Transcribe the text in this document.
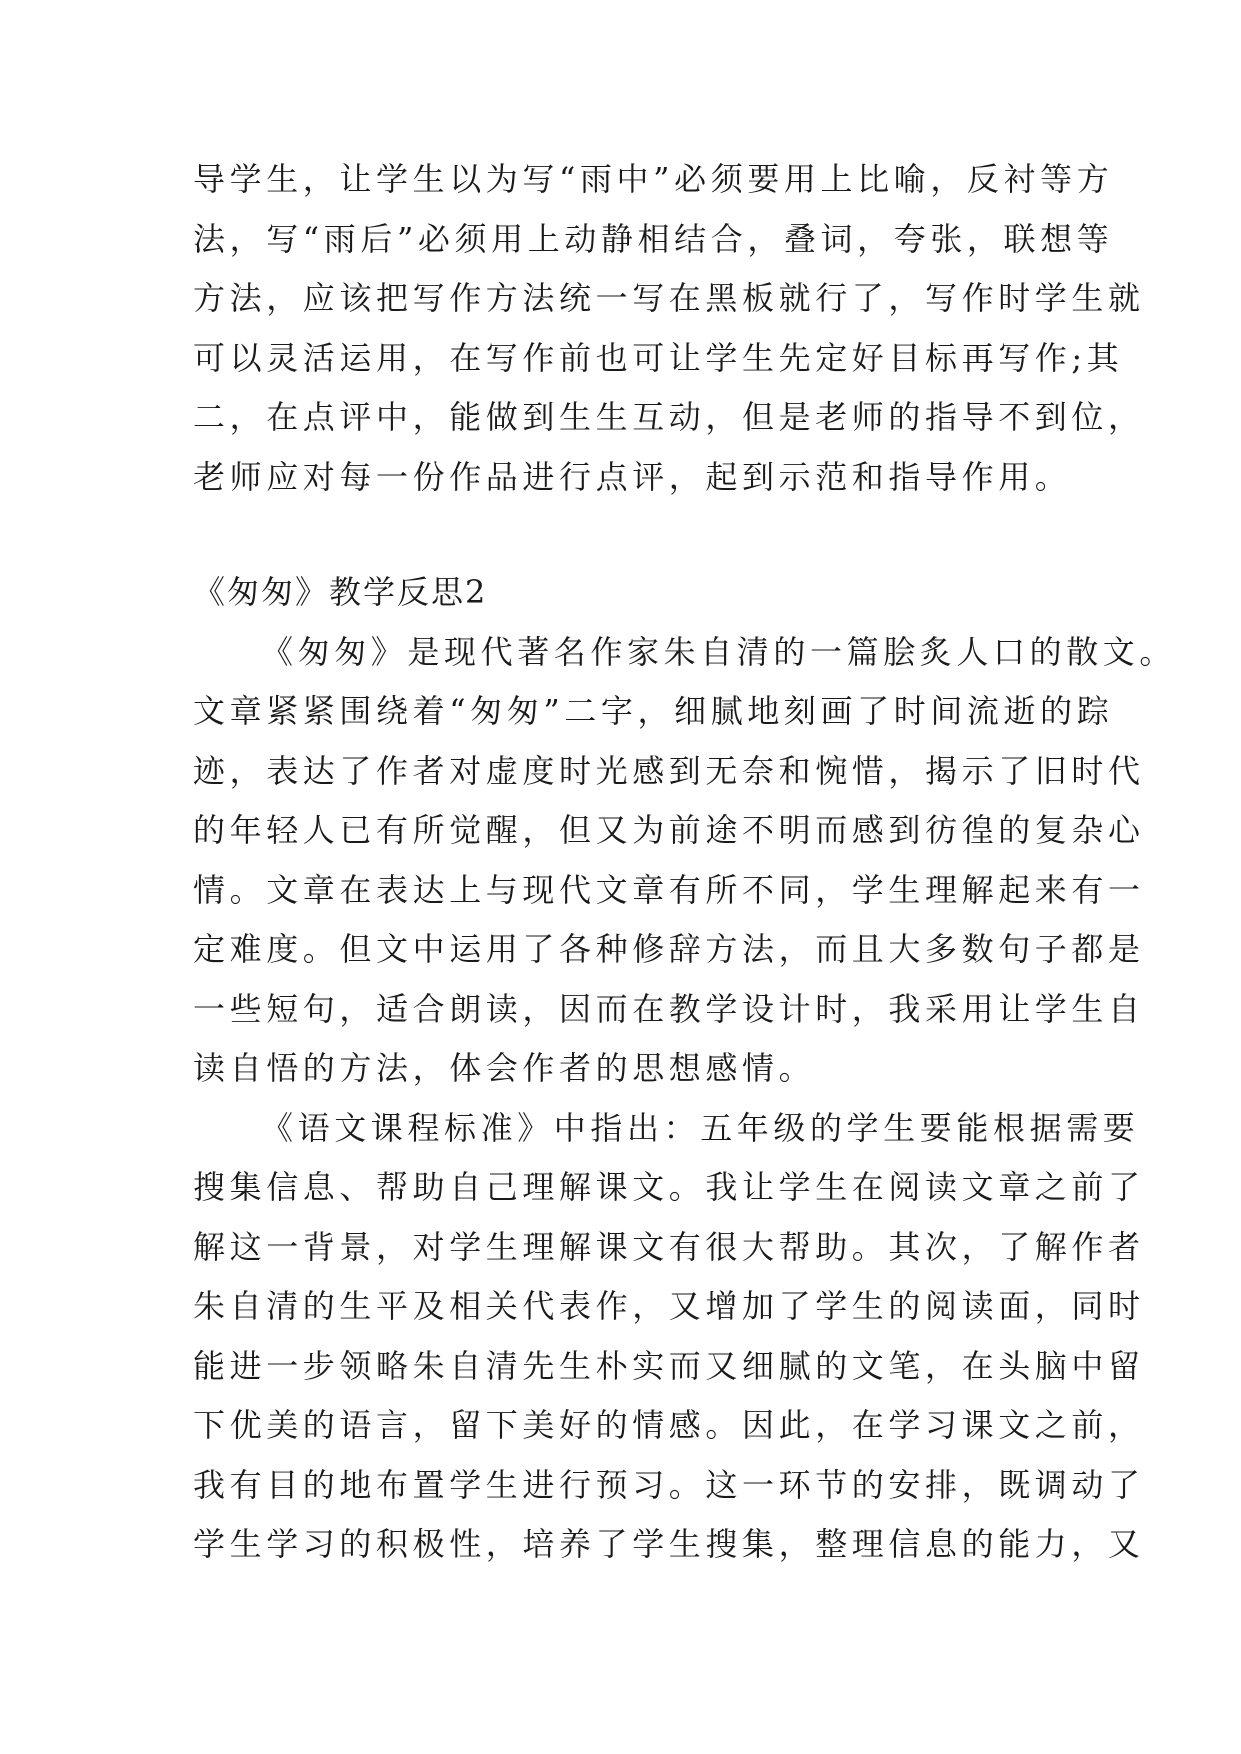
导学生，让学生以为写“雨中”必须要用上比喻，反衬等方
法，写“雨后”必须用上动静相结合，叠词，夸张，联想等
方法，应该把写作方法统一写在黑板就行了，写作时学生就
可以灵活运用，在写作前也可让学生先定好目标再写作;其
二，在点评中，能做到生生互动，但是老师的指导不到位，
老师应对每一份作品进行点评，起到示范和指导作用。
《匆匆》教学反思2
《匆匆》是现代著名作家朱自清的一篇脍炙人口的散文。
文章紧紧围绕着“匆匆”二字，细腻地刻画了时间流逝的踪
迹，表达了作者对虚度时光感到无奈和惋惜，揭示了旧时代
的年轻人已有所觉醒，但又为前途不明而感到彷徨的复杂心
情。文章在表达上与现代文章有所不同，学生理解起来有一
定难度。但文中运用了各种修辞方法，而且大多数句子都是
一些短句，适合朗读，因而在教学设计时，我采用让学生自
读自悟的方法，体会作者的思想感情。
《语文课程标准》中指出：五年级的学生要能根据需要
搜集信息、帮助自己理解课文。我让学生在阅读文章之前了
解这一背景，对学生理解课文有很大帮助。其次，了解作者
朱自清的生平及相关代表作，又增加了学生的阅读面，同时
能进一步领略朱自清先生朴实而又细腻的文笔，在头脑中留
下优美的语言，留下美好的情感。因此，在学习课文之前，
我有目的地布置学生进行预习。这一环节的安排，既调动了
学生学习的积极性，培养了学生搜集，整理信息的能力，又
